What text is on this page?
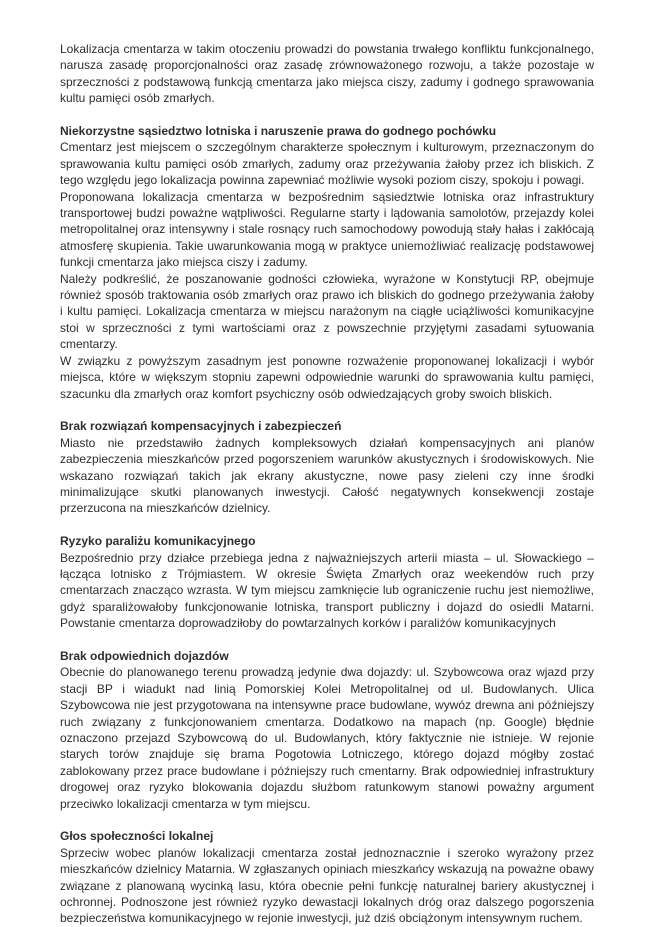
Lokalizacja cmentarza w takim otoczeniu prowadzi do powstania trwałego konfliktu funkcjonalnego, narusza zasadę proporcjonalności oraz zasadę zrównoważonego rozwoju, a także pozostaje w sprzeczności z podstawową funkcją cmentarza jako miejsca ciszy, zadumy i godnego sprawowania kultu pamięci osób zmarłych.

Niekorzystne sąsiedztwo lotniska i naruszenie prawa do godnego pochówku

Cmentarz jest miejscem o szczególnym charakterze społecznym i kulturowym, przeznaczonym do sprawowania kultu pamięci osób zmarłych, zadumy oraz przeżywania żałoby przez ich bliskich. Z tego względu jego lokalizacja powinna zapewniać możliwie wysoki poziom ciszy, spokoju i powagi.

Proponowana lokalizacja cmentarza w bezpośrednim sąsiedztwie lotniska oraz infrastruktury transportowej budzi poważne wątpliwości. Regularne starty i lądowania samolotów, przejazdy kolei metropolitalnej oraz intensywny i stale rosnący ruch samochodowy powodują stały hałas i zakłócają atmosferę skupienia. Takie uwarunkowania mogą w praktyce uniemożliwiać realizację podstawowej funkcji cmentarza jako miejsca ciszy i zadumy.

Należy podkreślić, że poszanowanie godności człowieka, wyrażone w Konstytucji RP, obejmuje również sposób traktowania osób zmarłych oraz prawo ich bliskich do godnego przeżywania żałoby i kultu pamięci. Lokalizacja cmentarza w miejscu narażonym na ciągłe uciążliwości komunikacyjne stoi w sprzeczności z tymi wartościami oraz z powszechnie przyjętymi zasadami sytuowania cmentarzy.

W związku z powyższym zasadnym jest ponowne rozważenie proponowanej lokalizacji i wybór miejsca, które w większym stopniu zapewni odpowiednie warunki do sprawowania kultu pamięci, szacunku dla zmarłych oraz komfort psychiczny osób odwiedzających groby swoich bliskich.

Brak rozwiązań kompensacyjnych i zabezpieczeń

Miasto nie przedstawiło żadnych kompleksowych działań kompensacyjnych ani planów zabezpieczenia mieszkańców przed pogorszeniem warunków akustycznych i środowiskowych. Nie wskazano rozwiązań takich jak ekrany akustyczne, nowe pasy zieleni czy inne środki minimalizujące skutki planowanych inwestycji. Całość negatywnych konsekwencji zostaje przerzucona na mieszkańców dzielnicy.

Ryzyko paraliżu komunikacyjnego

Bezpośrednio przy działce przebiega jedna z najważniejszych arterii miasta – ul. Słowackiego – łącząca lotnisko z Trójmiastem. W okresie Święta Zmarłych oraz weekendów ruch przy cmentarzach znacząco wzrasta. W tym miejscu zamknięcie lub ograniczenie ruchu jest niemożliwe, gdyż sparaliżowałoby funkcjonowanie lotniska, transport publiczny i dojazd do osiedli Matarni. Powstanie cmentarza doprowadziłoby do powtarzalnych korków i paraliżów komunikacyjnych

Brak odpowiednich dojazdów

Obecnie do planowanego terenu prowadzą jedynie dwa dojazdy: ul. Szybowcowa oraz wjazd przy stacji BP i wiadukt nad linią Pomorskiej Kolei Metropolitalnej od ul. Budowlanych. Ulica Szybowcowa nie jest przygotowana na intensywne prace budowlane, wywóz drewna ani późniejszy ruch związany z funkcjonowaniem cmentarza. Dodatkowo na mapach (np. Google) błędnie oznaczono przejazd Szybowcową do ul. Budowlanych, który faktycznie nie istnieje. W rejonie starych torów znajduje się brama Pogotowia Lotniczego, którego dojazd mógłby zostać zablokowany przez prace budowlane i późniejszy ruch cmentarny. Brak odpowiedniej infrastruktury drogowej oraz ryzyko blokowania dojazdu służbom ratunkowym stanowi poważny argument przeciwko lokalizacji cmentarza w tym miejscu.

Głos społeczności lokalnej

Sprzeciw wobec planów lokalizacji cmentarza został jednoznacznie i szeroko wyrażony przez mieszkańców dzielnicy Matarnia. W zgłaszanych opiniach mieszkańcy wskazują na poważne obawy związane z planowaną wycinką lasu, która obecnie pełni funkcję naturalnej bariery akustycznej i ochronnej. Podnoszone jest również ryzyko dewastacji lokalnych dróg oraz dalszego pogorszenia bezpieczeństwa komunikacyjnego w rejonie inwestycji, już dziś obciążonym intensywnym ruchem.
